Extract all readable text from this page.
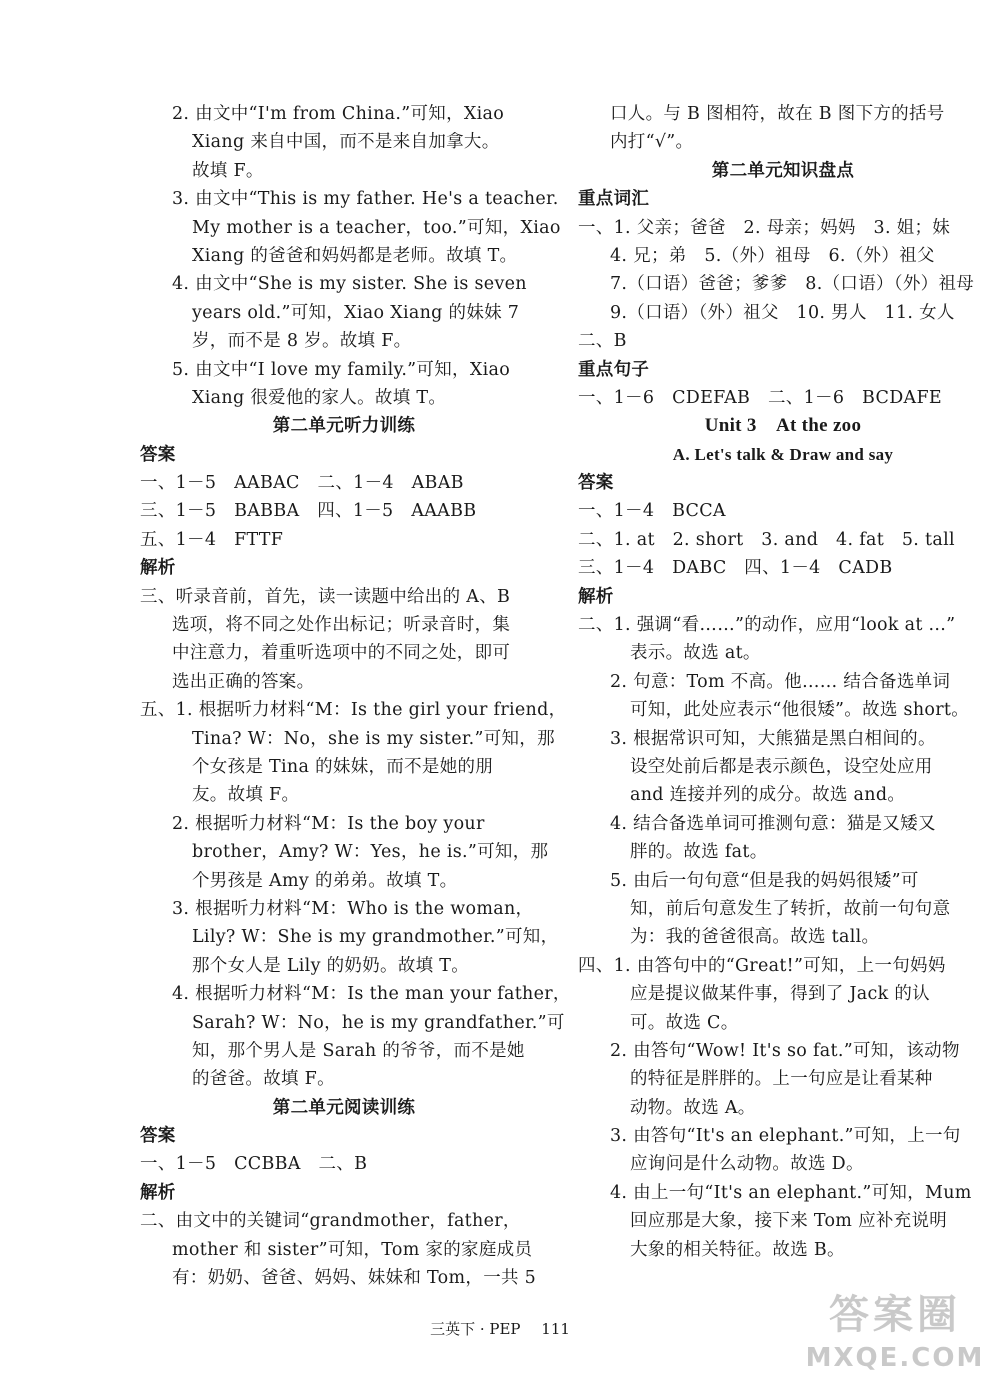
2. 由文中“I'm from China.”可知，Xiao
Xiang 来自中国，而不是来自加拿大。
故填 F。
3. 由文中“This is my father. He's a teacher.
My mother is a teacher，too.”可知，Xiao
Xiang 的爸爸和妈妈都是老师。故填 T。
4. 由文中“She is my sister. She is seven
years old.”可知，Xiao Xiang 的妹妹 7
岁，而不是 8 岁。故填 F。
5. 由文中“I love my family.”可知，Xiao
Xiang 很爱他的家人。故填 T。
第二单元听力训练
答案
一、1－5　AABAC　二、1－4　ABAB
三、1－5　BABBA　四、1－5　AAABB
五、1－4　FTTF
解析
三、听录音前，首先，读一读题中给出的 A、B
选项，将不同之处作出标记；听录音时，集
中注意力，着重听选项中的不同之处，即可
选出正确的答案。
五、1. 根据听力材料“M：Is the girl your friend，
Tina? W：No，she is my sister.”可知，那
个女孩是 Tina 的妹妹，而不是她的朋
友。故填 F。
2. 根据听力材料“M：Is the boy your
brother，Amy? W：Yes，he is.”可知，那
个男孩是 Amy 的弟弟。故填 T。
3. 根据听力材料“M：Who is the woman，
Lily? W：She is my grandmother.”可知，
那个女人是 Lily 的奶奶。故填 T。
4. 根据听力材料“M：Is the man your father，
Sarah? W：No，he is my grandfather.”可
知，那个男人是 Sarah 的爷爷，而不是她
的爸爸。故填 F。
第二单元阅读训练
答案
一、1－5　CCBBA　二、B
解析
二、由文中的关键词“grandmother，father，
mother 和 sister”可知，Tom 家的家庭成员
有：奶奶、爸爸、妈妈、妹妹和 Tom，一共 5
口人。与 B 图相符，故在 B 图下方的括号
内打“√”。
第二单元知识盘点
重点词汇
一、1. 父亲；爸爸　2. 母亲；妈妈　3. 姐；妹
4. 兄；弟　5.（外）祖母　6.（外）祖父
7.（口语）爸爸；爹爹　8.（口语）（外）祖母
9.（口语）（外）祖父　10. 男人　11. 女人
二、B
重点句子
一、1－6　CDEFAB　二、1－6　BCDAFE
Unit 3　At the zoo
A. Let's talk & Draw and say
答案
一、1－4　BCCA
二、1. at　2. short　3. and　4. fat　5. tall
三、1－4　DABC　四、1－4　CADB
解析
二、1. 强调“看……”的动作，应用“look at ...”
表示。故选 at。
2. 句意：Tom 不高。他…… 结合备选单词
可知，此处应表示“他很矮”。故选 short。
3. 根据常识可知，大熊猫是黑白相间的。
设空处前后都是表示颜色，设空处应用
and 连接并列的成分。故选 and。
4. 结合备选单词可推测句意：猫是又矮又
胖的。故选 fat。
5. 由后一句句意“但是我的妈妈很矮”可
知，前后句意发生了转折，故前一句句意
为：我的爸爸很高。故选 tall。
四、1. 由答句中的“Great!”可知，上一句妈妈
应是提议做某件事，得到了 Jack 的认
可。故选 C。
2. 由答句“Wow! It's so fat.”可知，该动物
的特征是胖胖的。上一句应是让看某种
动物。故选 A。
3. 由答句“It's an elephant.”可知，上一句
应询问是什么动物。故选 D。
4. 由上一句“It's an elephant.”可知，Mum
回应那是大象，接下来 Tom 应补充说明
大象的相关特征。故选 B。
三英下 · PEP 111	答案圈
MXQE.COM
